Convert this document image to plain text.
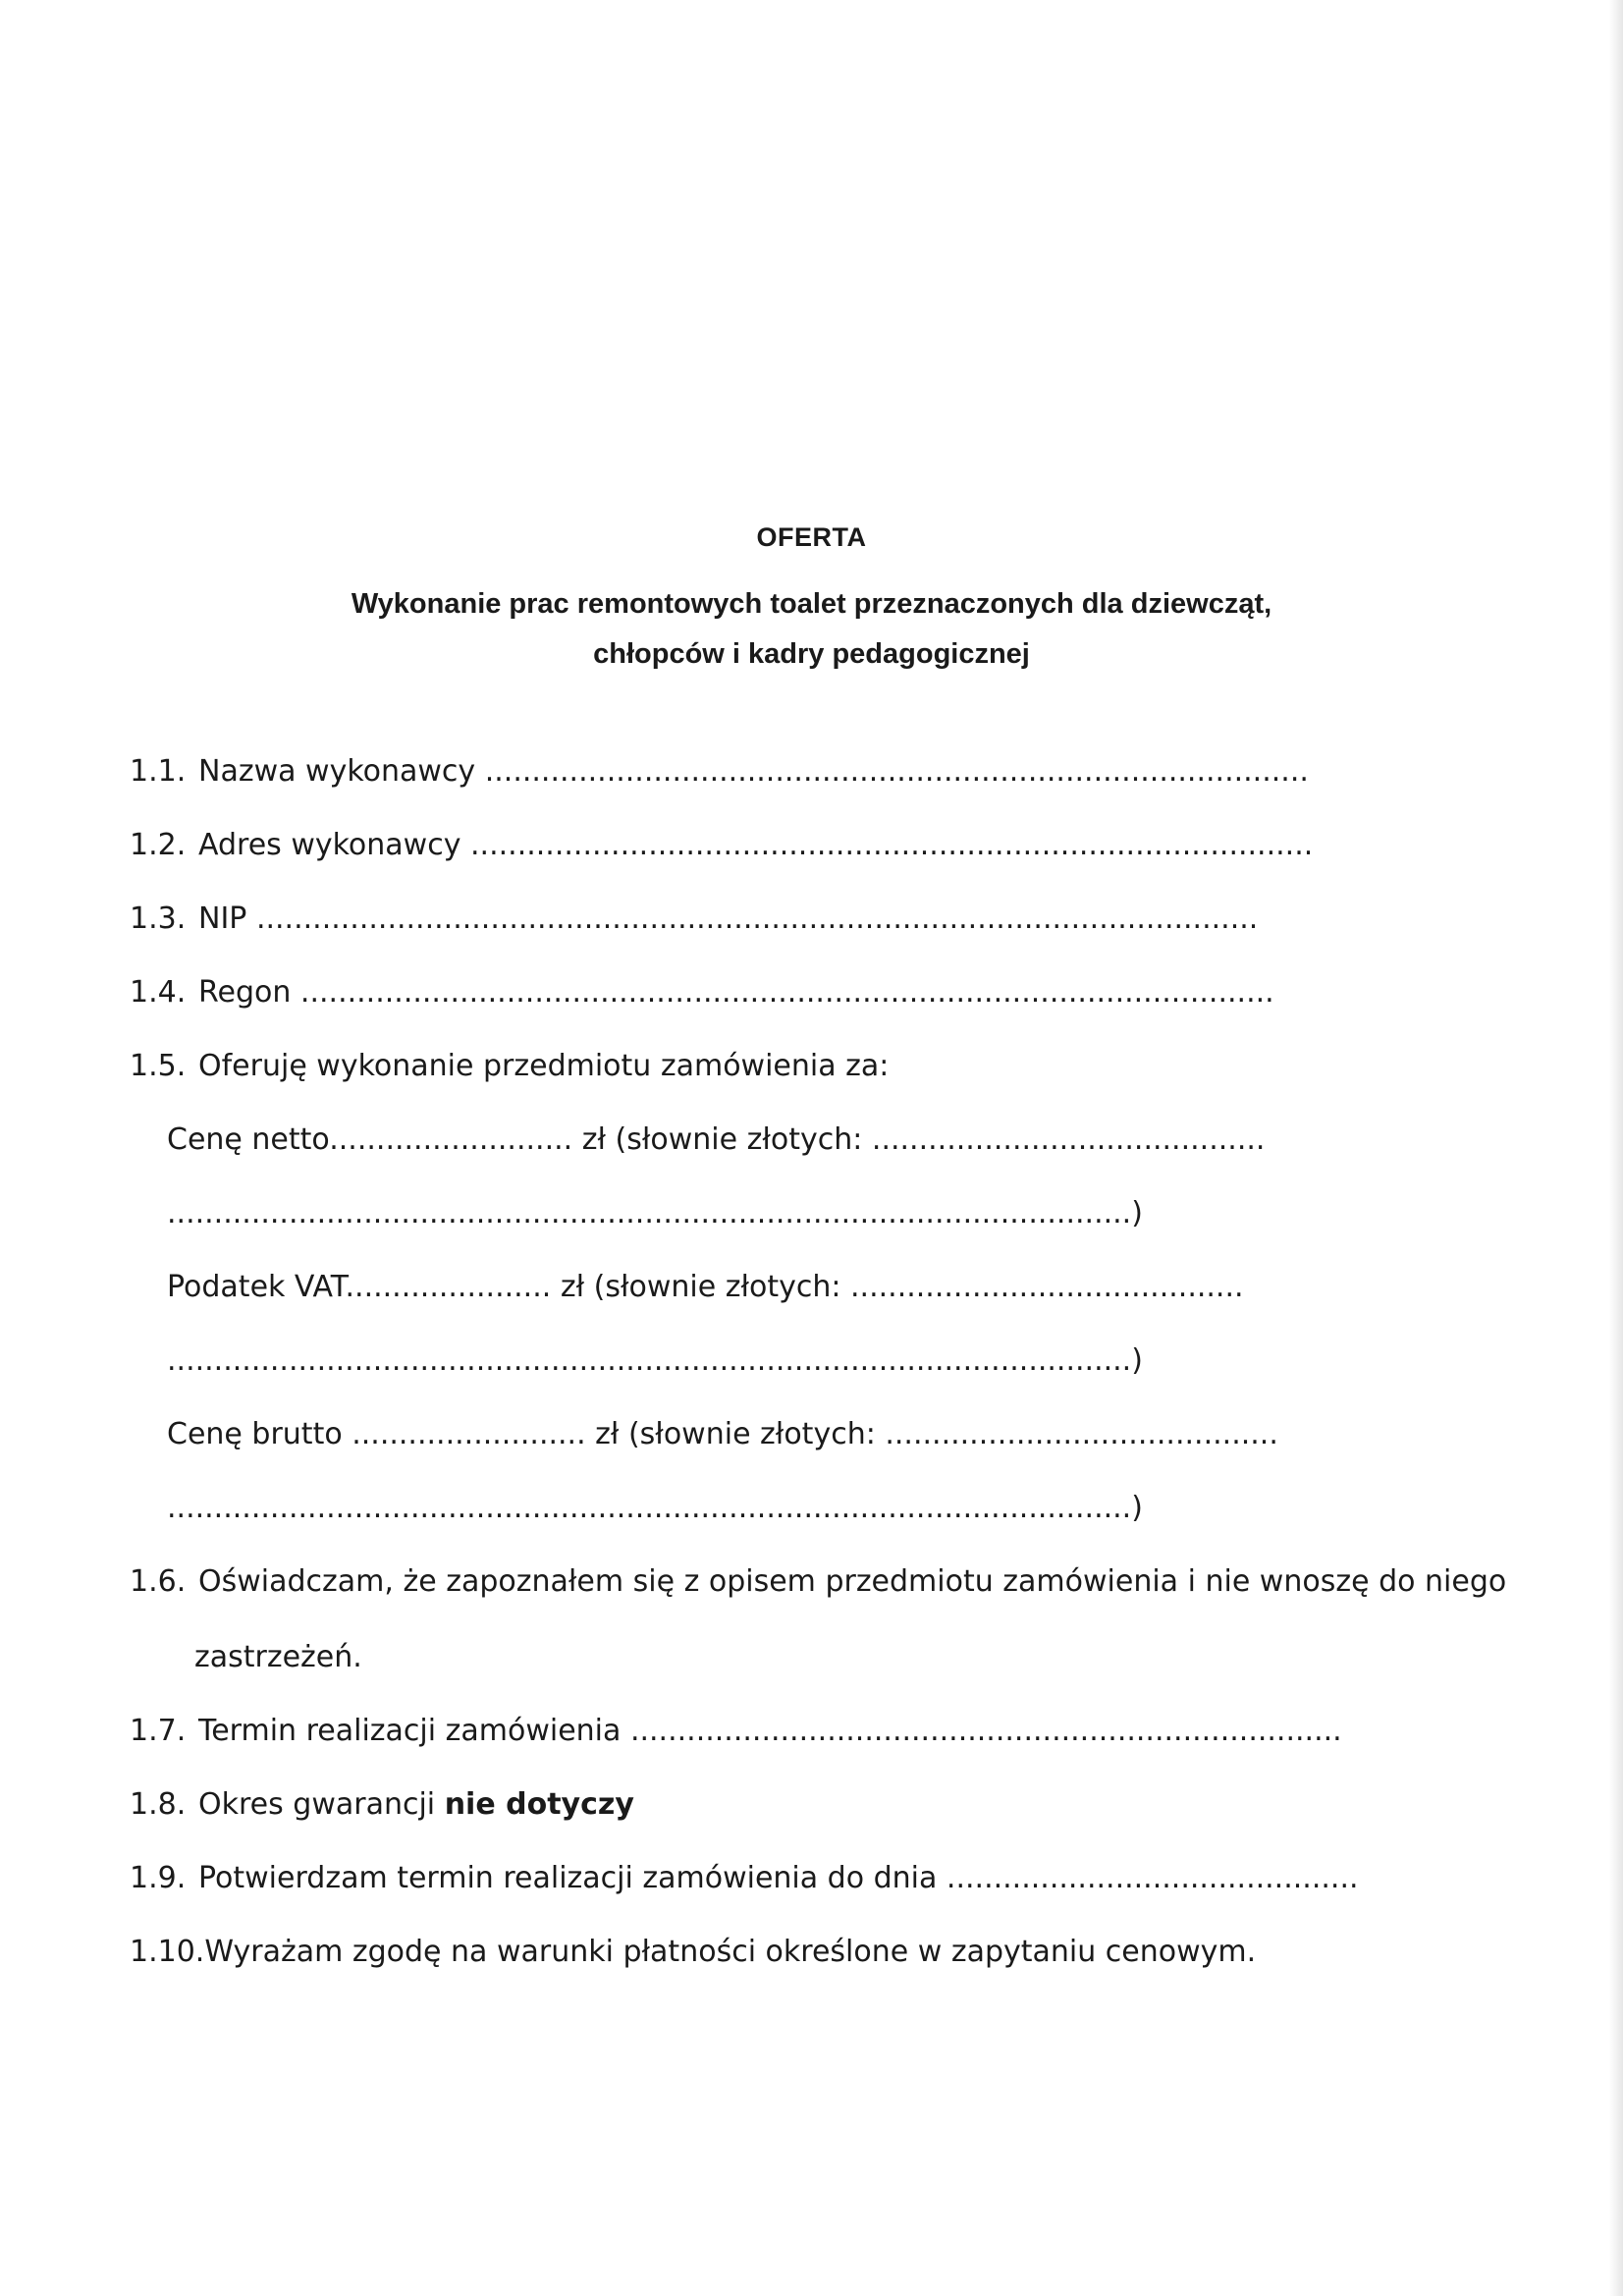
OFERTA
Wykonanie prac remontowych toalet przeznaczonych dla dziewcząt,
chłopców i kadry pedagogicznej
1.1. Nazwa wykonawcy ........................................................................................
1.2. Adres wykonawcy ..........................................................................................
1.3. NIP ...........................................................................................................
1.4. Regon ........................................................................................................
1.5. Oferuję wykonanie przedmiotu zamówienia za:
Cenę netto.......................... zł (słownie złotych: ..........................................
.......................................................................................................)
Podatek VAT...................... zł (słownie złotych: ..........................................
.......................................................................................................)
Cenę brutto ......................... zł (słownie złotych: ..........................................
.......................................................................................................)
1.6. Oświadczam, że zapoznałem się z opisem przedmiotu zamówienia i nie wnoszę do niego
zastrzeżeń.
1.7. Termin realizacji zamówienia ............................................................................
1.8. Okres gwarancji nie dotyczy
1.9. Potwierdzam termin realizacji zamówienia do dnia ............................................
1.10.Wyrażam zgodę na warunki płatności określone w zapytaniu cenowym.
